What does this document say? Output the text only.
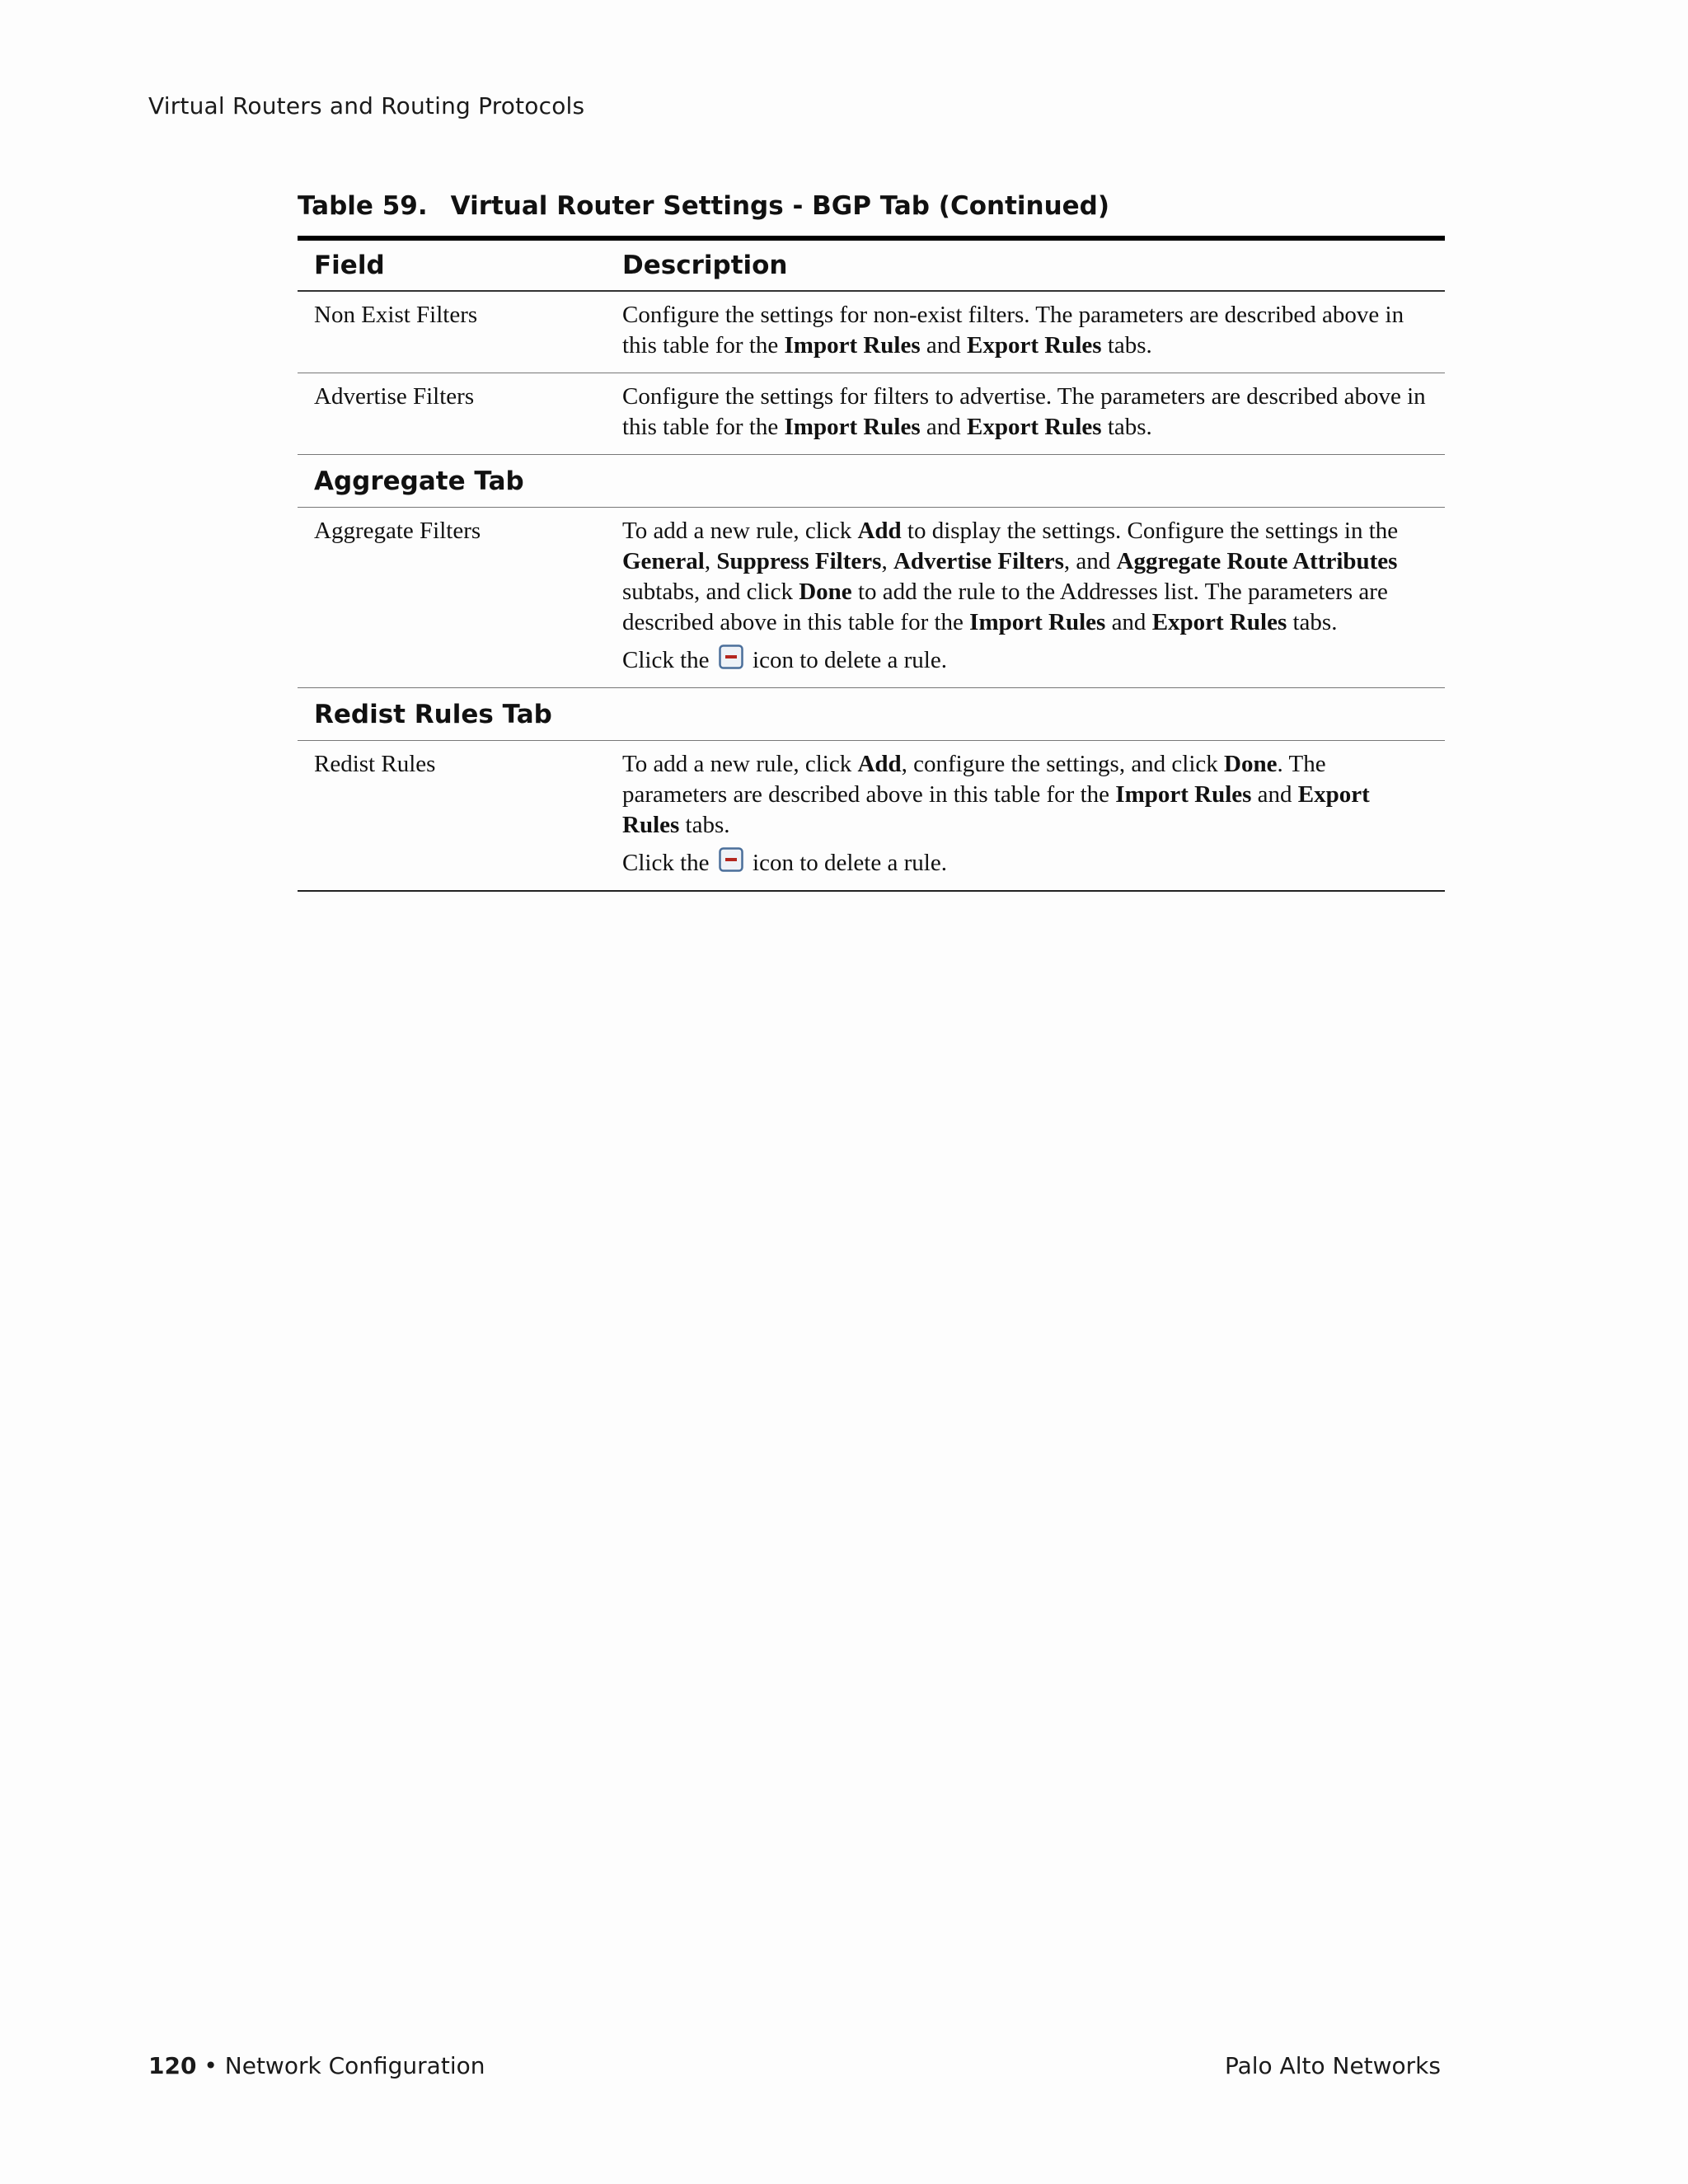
Virtual Routers and Routing Protocols
Table 59. Virtual Router Settings - BGP Tab (Continued)
Field	Description
Non Exist Filters	Configure the settings for non-exist filters. The parameters are described above in this table for the Import Rules and Export Rules tabs.
Advertise Filters	Configure the settings for filters to advertise. The parameters are described above in this table for the Import Rules and Export Rules tabs.
Aggregate Tab	
Aggregate Filters	To add a new rule, click Add to display the settings. Configure the settings in the General, Suppress Filters, Advertise Filters, and Aggregate Route Attributes subtabs, and click Done to add the rule to the Addresses list. The parameters are described above in this table for the Import Rules and Export Rules tabs.
Click the icon to delete a rule.

Redist Rules Tab	
Redist Rules	To add a new rule, click Add, configure the settings, and click Done. The parameters are described above in this table for the Import Rules and Export Rules tabs.
Click the icon to delete a rule.
120 • Network Configuration	Palo Alto Networks
